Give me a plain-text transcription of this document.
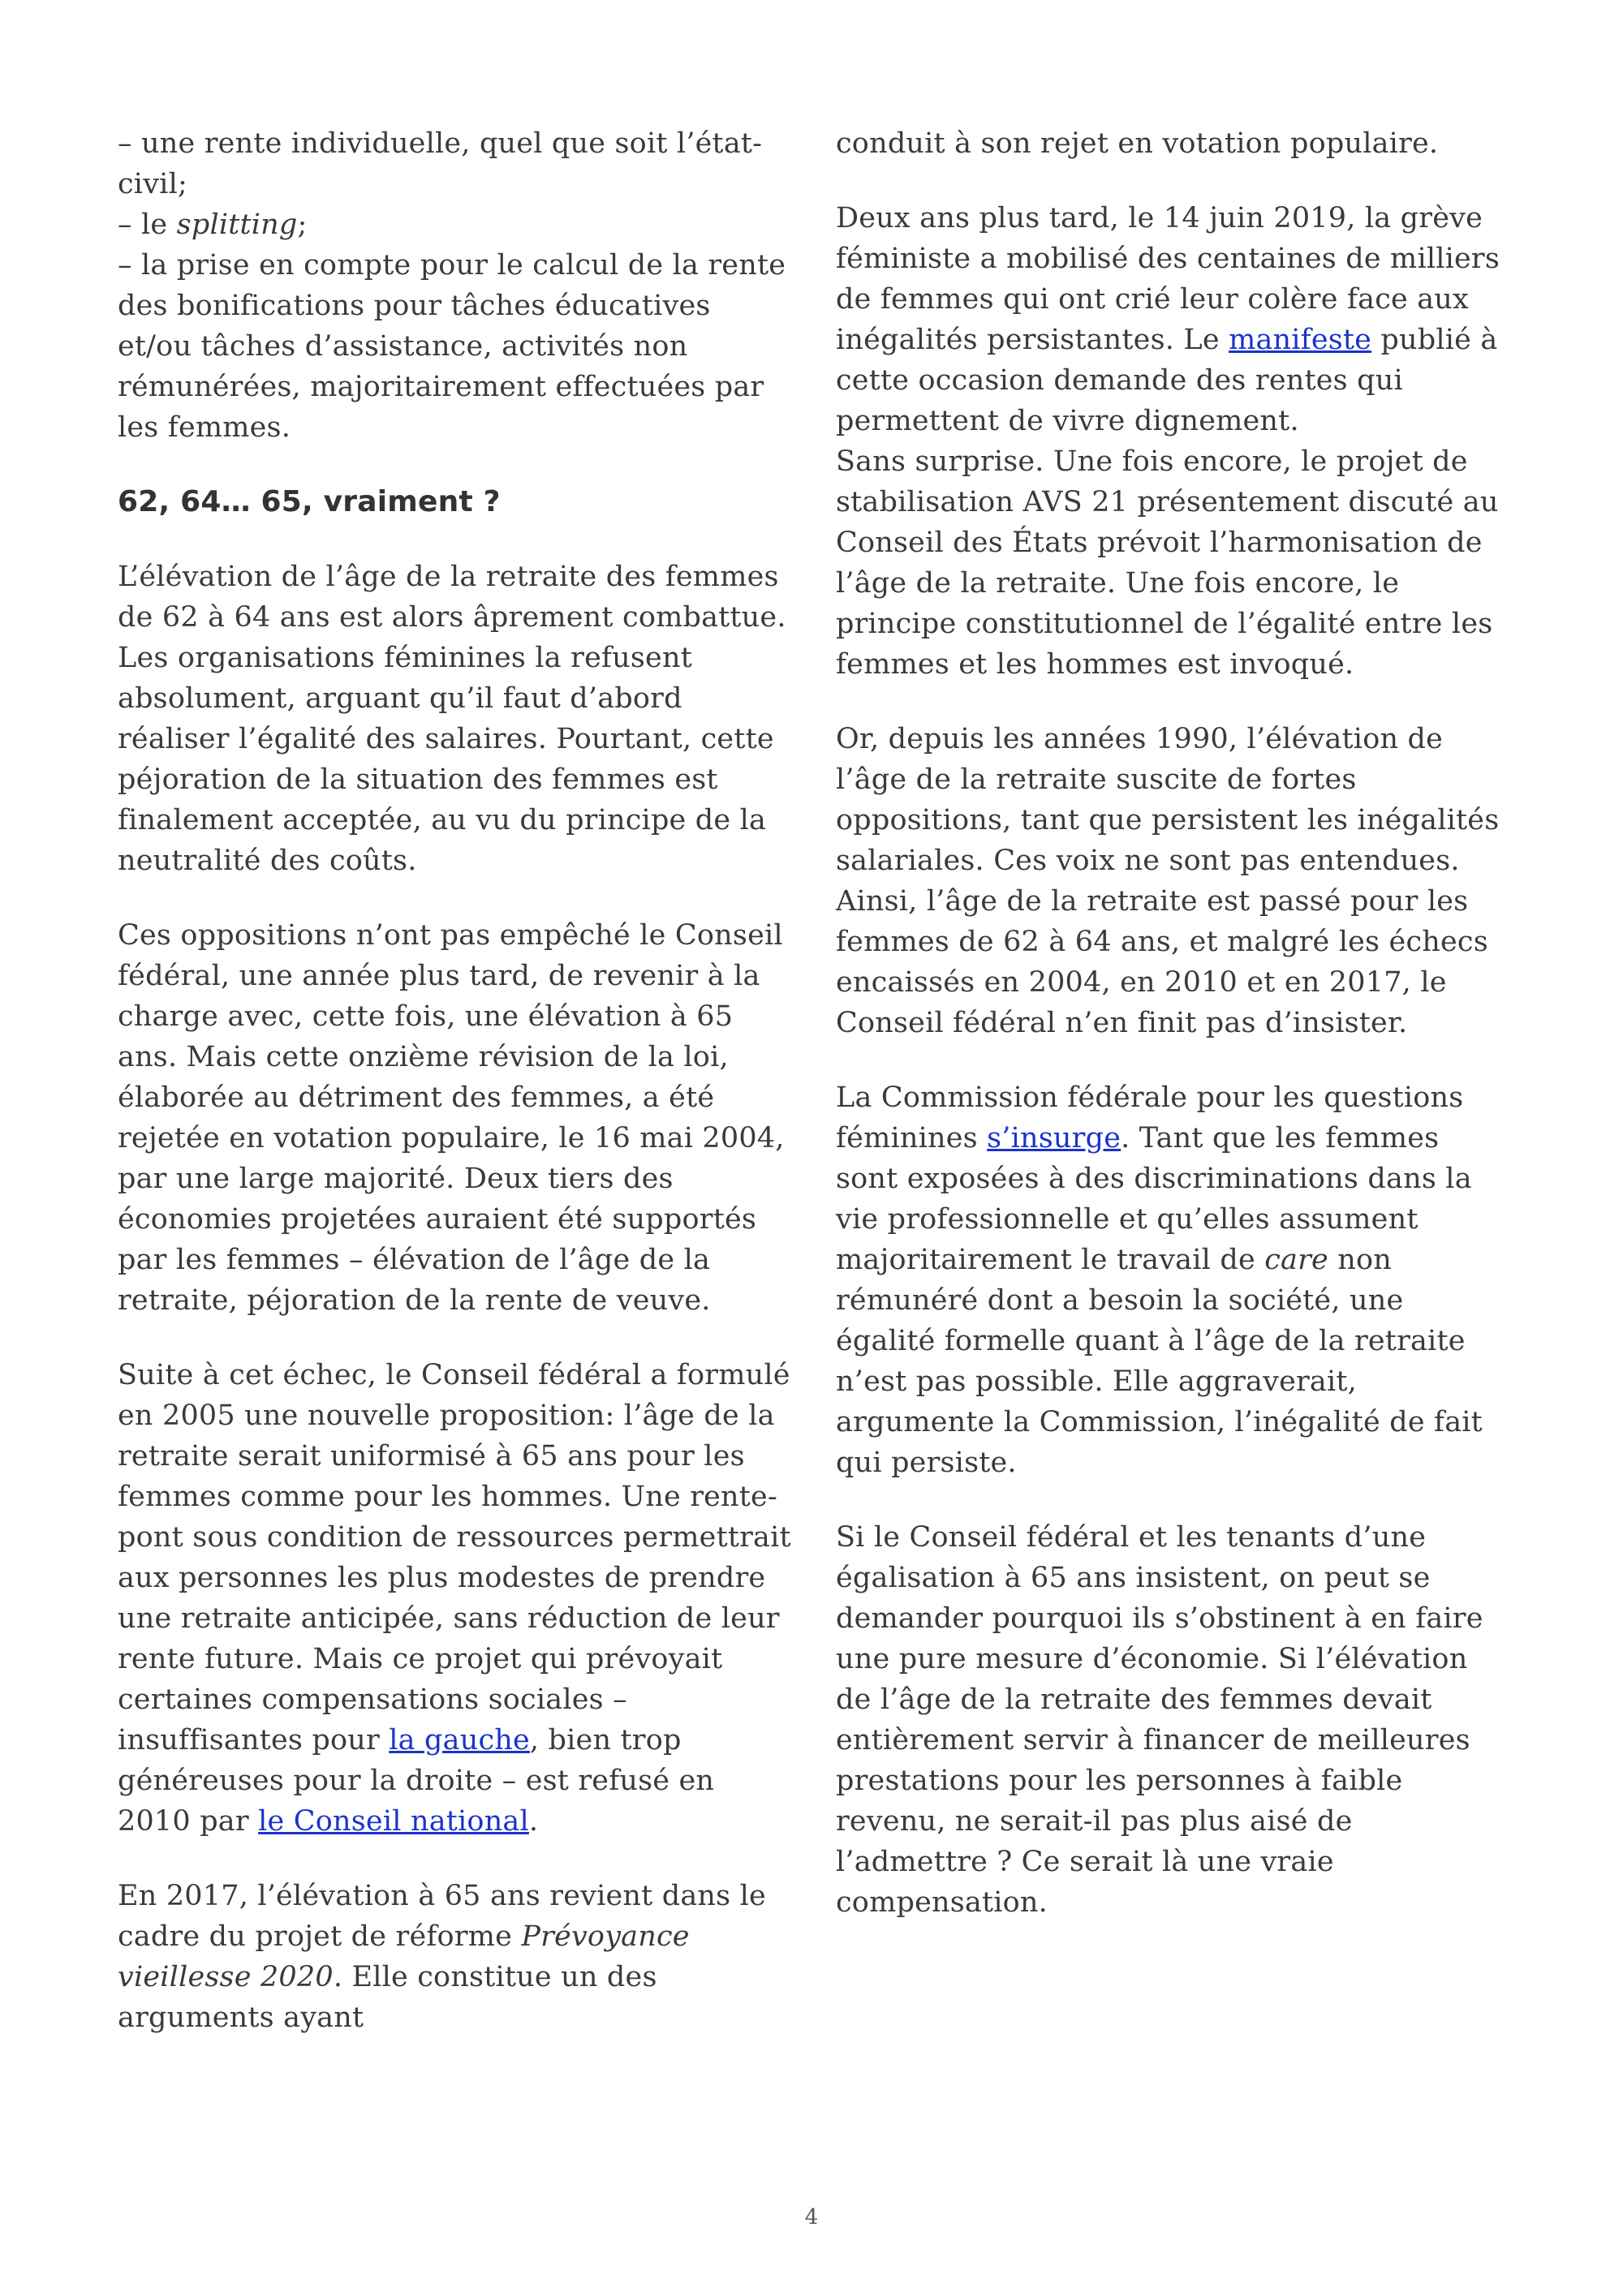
– une rente individuelle, quel que soit l’état-civil;
– le splitting;
– la prise en compte pour le calcul de la rente des bonifications pour tâches éducatives et/ou tâches d’assistance, activités non rémunérées, majoritairement effectuées par les femmes.
62, 64… 65, vraiment ?
L’élévation de l’âge de la retraite des femmes de 62 à 64 ans est alors âprement combattue. Les organisations féminines la refusent absolument, arguant qu’il faut d’abord réaliser l’égalité des salaires. Pourtant, cette péjoration de la situation des femmes est finalement acceptée, au vu du principe de la neutralité des coûts.
Ces oppositions n’ont pas empêché le Conseil fédéral, une année plus tard, de revenir à la charge avec, cette fois, une élévation à 65 ans. Mais cette onzième révision de la loi, élaborée au détriment des femmes, a été rejetée en votation populaire, le 16 mai 2004, par une large majorité. Deux tiers des économies projetées auraient été supportés par les femmes – élévation de l’âge de la retraite, péjoration de la rente de veuve.
Suite à cet échec, le Conseil fédéral a formulé en 2005 une nouvelle proposition: l’âge de la retraite serait uniformisé à 65 ans pour les femmes comme pour les hommes. Une rente-pont sous condition de ressources permettrait aux personnes les plus modestes de prendre une retraite anticipée, sans réduction de leur rente future. Mais ce projet qui prévoyait certaines compensations sociales – insuffisantes pour la gauche, bien trop généreuses pour la droite – est refusé en 2010 par le Conseil national.
En 2017, l’élévation à 65 ans revient dans le cadre du projet de réforme Prévoyance vieillesse 2020. Elle constitue un des arguments ayant
conduit à son rejet en votation populaire.
Deux ans plus tard, le 14 juin 2019, la grève féministe a mobilisé des centaines de milliers de femmes qui ont crié leur colère face aux inégalités persistantes. Le manifeste publié à cette occasion demande des rentes qui permettent de vivre dignement.
Sans surprise. Une fois encore, le projet de stabilisation AVS 21 présentement discuté au Conseil des États prévoit l’harmonisation de l’âge de la retraite. Une fois encore, le principe constitutionnel de l’égalité entre les femmes et les hommes est invoqué.
Or, depuis les années 1990, l’élévation de l’âge de la retraite suscite de fortes oppositions, tant que persistent les inégalités salariales. Ces voix ne sont pas entendues. Ainsi, l’âge de la retraite est passé pour les femmes de 62 à 64 ans, et malgré les échecs encaissés en 2004, en 2010 et en 2017, le Conseil fédéral n’en finit pas d’insister.
La Commission fédérale pour les questions féminines s’insurge. Tant que les femmes sont exposées à des discriminations dans la vie professionnelle et qu’elles assument majoritairement le travail de care non rémunéré dont a besoin la société, une égalité formelle quant à l’âge de la retraite n’est pas possible. Elle aggraverait, argumente la Commission, l’inégalité de fait qui persiste.
Si le Conseil fédéral et les tenants d’une égalisation à 65 ans insistent, on peut se demander pourquoi ils s’obstinent à en faire une pure mesure d’économie. Si l’élévation de l’âge de la retraite des femmes devait entièrement servir à financer de meilleures prestations pour les personnes à faible revenu, ne serait-il pas plus aisé de l’admettre ? Ce serait là une vraie compensation.
4
